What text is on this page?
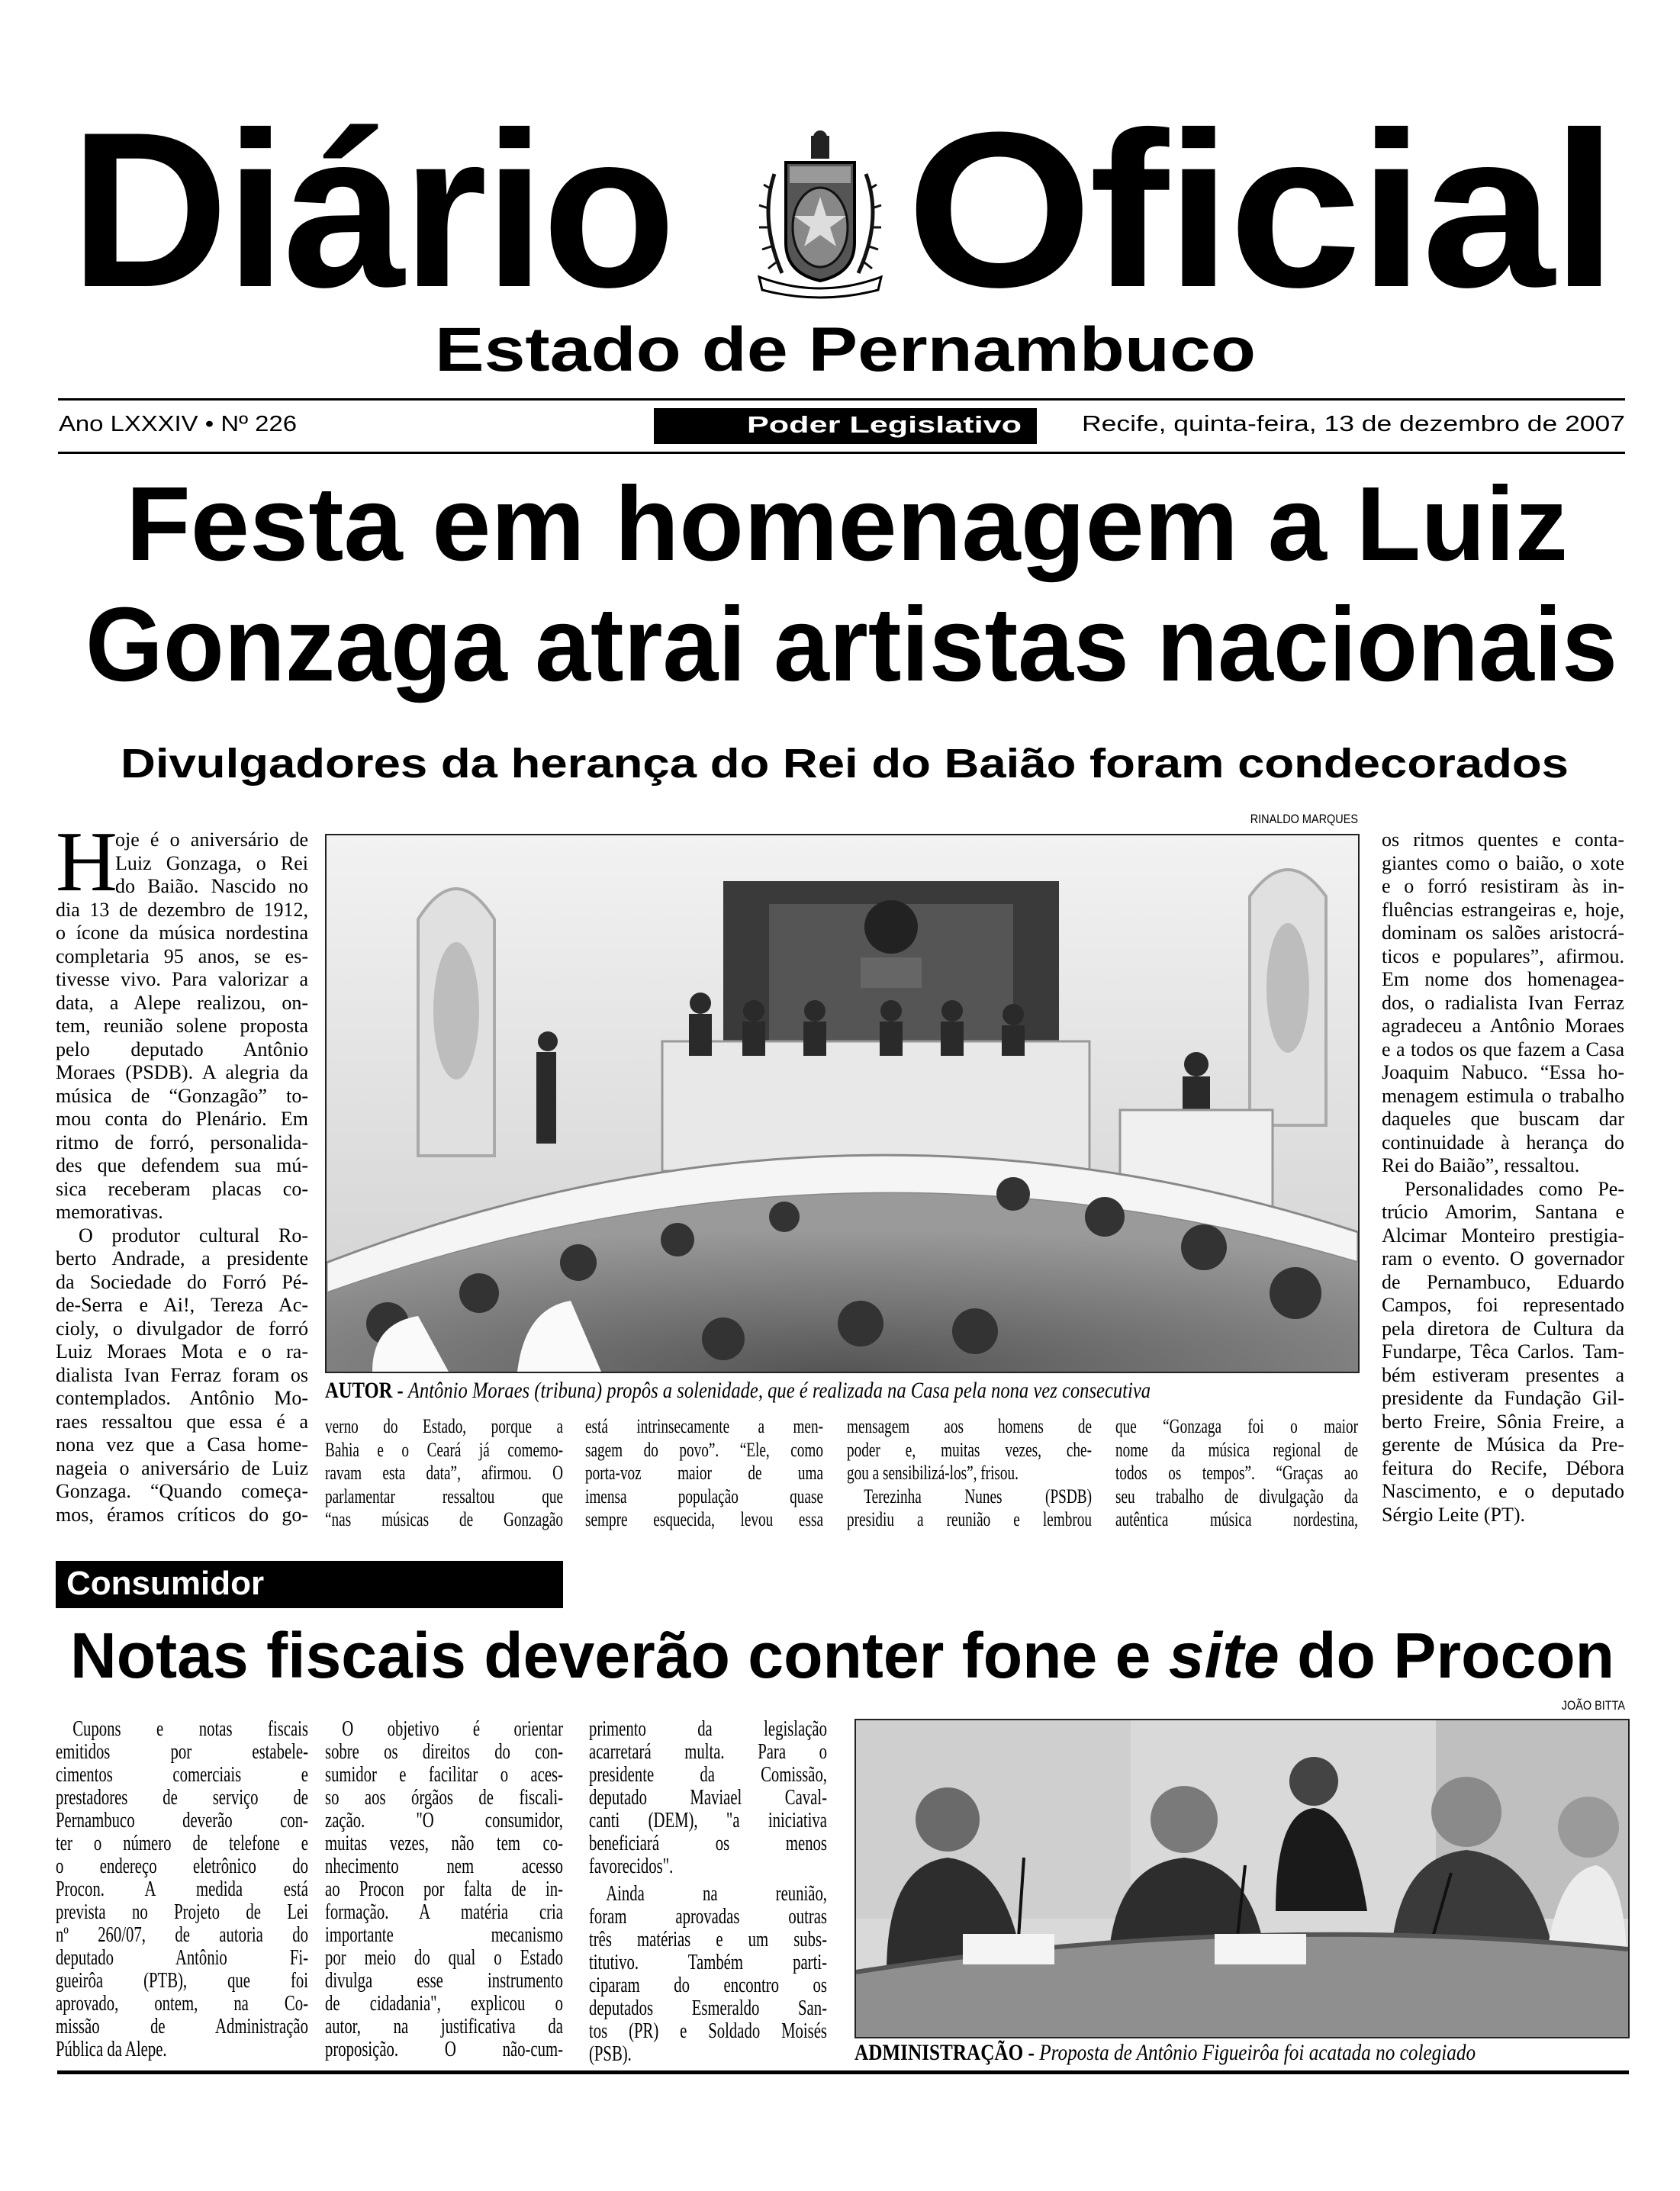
Diário Oficial
Estado de Pernambuco
Ano LXXXIV • Nº 226	Poder Legislativo	Recife, quinta-feira, 13 de dezembro de 2007
Festa em homenagem a Luiz
Gonzaga atrai artistas nacionais
Divulgadores da herança do Rei do Baião foram condecorados
H
oje é o aniversário de
Luiz Gonzaga, o Rei
do Baião. Nascido no
dia 13 de dezembro de 1912,
o ícone da música nordestina
completaria 95 anos, se es-
tivesse vivo. Para valorizar a
data, a Alepe realizou, on-
tem, reunião solene proposta
pelo deputado Antônio
Moraes (PSDB). A alegria da
música de “Gonzagão” to-
mou conta do Plenário. Em
ritmo de forró, personalida-
des que defendem sua mú-
sica receberam placas co-
memorativas.
O produtor cultural Ro-
berto Andrade, a presidente
da Sociedade do Forró Pé-
de-Serra e Ai!, Tereza Ac-
cioly, o divulgador de forró
Luiz Moraes Mota e o ra-
dialista Ivan Ferraz foram os
contemplados. Antônio Mo-
raes ressaltou que essa é a
nona vez que a Casa home-
nageia o aniversário de Luiz
Gonzaga. “Quando começa-
mos, éramos críticos do go-
RINALDO MARQUES
AUTOR - Antônio Moraes (tribuna) propôs a solenidade, que é realizada na Casa pela nona vez consecutiva
verno do Estado, porque a
Bahia e o Ceará já comemo-
ravam esta data”, afirmou. O
parlamentar ressaltou que
“nas músicas de Gonzagão
está intrinsecamente a men-
sagem do povo”. “Ele, como
porta-voz maior de uma
imensa população quase
sempre esquecida, levou essa
mensagem aos homens de
poder e, muitas vezes, che-
gou a sensibilizá-los”, frisou.
Terezinha Nunes (PSDB)
presidiu a reunião e lembrou
que “Gonzaga foi o maior
nome da música regional de
todos os tempos”. “Graças ao
seu trabalho de divulgação da
autêntica música nordestina,
os ritmos quentes e conta-
giantes como o baião, o xote
e o forró resistiram às in-
fluências estrangeiras e, hoje,
dominam os salões aristocrá-
ticos e populares”, afirmou.
Em nome dos homenagea-
dos, o radialista Ivan Ferraz
agradeceu a Antônio Moraes
e a todos os que fazem a Casa
Joaquim Nabuco. “Essa ho-
menagem estimula o trabalho
daqueles que buscam dar
continuidade à herança do
Rei do Baião”, ressaltou.
Personalidades como Pe-
trúcio Amorim, Santana e
Alcimar Monteiro prestigia-
ram o evento. O governador
de Pernambuco, Eduardo
Campos, foi representado
pela diretora de Cultura da
Fundarpe, Têca Carlos. Tam-
bém estiveram presentes a
presidente da Fundação Gil-
berto Freire, Sônia Freire, a
gerente de Música da Pre-
feitura do Recife, Débora
Nascimento, e o deputado
Sérgio Leite (PT).
Consumidor
Notas fiscais deverão conter fone e site do Procon
Cupons e notas fiscais
emitidos por estabele-
cimentos comerciais e
prestadores de serviço de
Pernambuco deverão con-
ter o número de telefone e
o endereço eletrônico do
Procon. A medida está
prevista no Projeto de Lei
nº 260/07, de autoria do
deputado Antônio Fi-
gueirôa (PTB), que foi
aprovado, ontem, na Co-
missão de Administração
Pública da Alepe.
O objetivo é orientar
sobre os direitos do con-
sumidor e facilitar o aces-
so aos órgãos de fiscali-
zação. "O consumidor,
muitas vezes, não tem co-
nhecimento nem acesso
ao Procon por falta de in-
formação. A matéria cria
importante mecanismo
por meio do qual o Estado
divulga esse instrumento
de cidadania", explicou o
autor, na justificativa da
proposição. O não-cum-
primento da legislação
acarretará multa. Para o
presidente da Comissão,
deputado Maviael Caval-
canti (DEM), "a iniciativa
beneficiará os menos
favorecidos".
Ainda na reunião,
foram aprovadas outras
três matérias e um subs-
titutivo. Também parti-
ciparam do encontro os
deputados Esmeraldo San-
tos (PR) e Soldado Moisés
(PSB).
JOÃO BITTA
ADMINISTRAÇÃO - Proposta de Antônio Figueirôa foi acatada no colegiado
